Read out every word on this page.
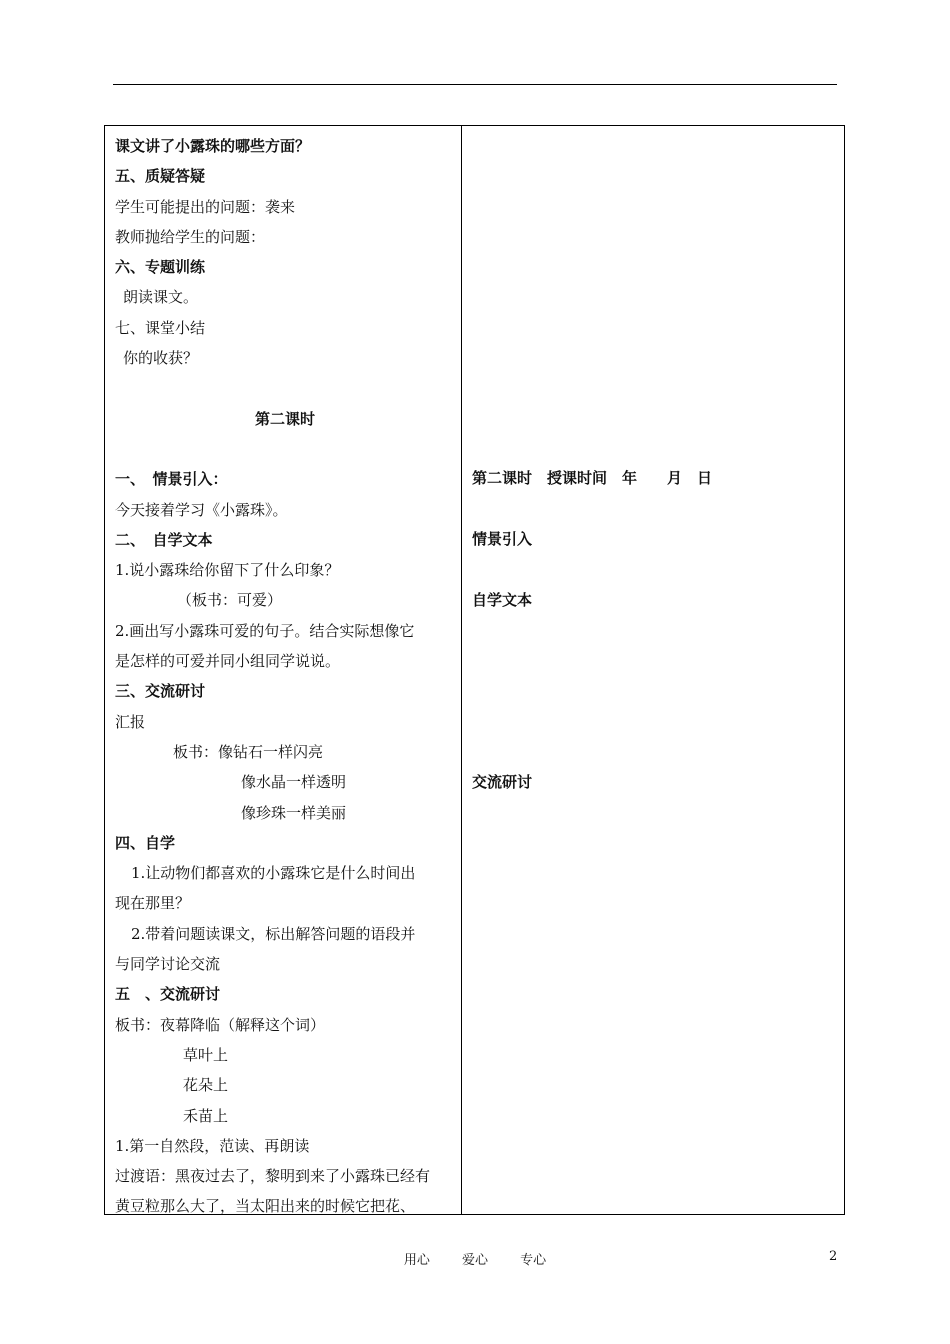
课文讲了小露珠的哪些方面？
五、质疑答疑
学生可能提出的问题：袭来
教师抛给学生的问题：
六、专题训练
朗读课文。
七、课堂小结
你的收获？
第二课时
一、　情景引入：
今天接着学习《小露珠》。
二、　自学文本
1.说小露珠给你留下了什么印象？
（板书：可爱）
2.画出写小露珠可爱的句子。结合实际想像它
是怎样的可爱并同小组同学说说。
三、交流研讨
汇报
板书：像钻石一样闪亮
像水晶一样透明
像珍珠一样美丽
四、自学
1.让动物们都喜欢的小露珠它是什么时间出
现在那里？
2.带着问题读课文，标出解答问题的语段并
与同学讨论交流
五　、交流研讨
板书：夜幕降临（解释这个词）
草叶上
花朵上
禾苗上
1.第一自然段，范读、再朗读
过渡语：黑夜过去了，黎明到来了小露珠已经有
黄豆粒那么大了，当太阳出来的时候它把花、
第二课时　授课时间　年　　月　日
情景引入
自学文本
交流研讨
用心 爱心 专心	2
